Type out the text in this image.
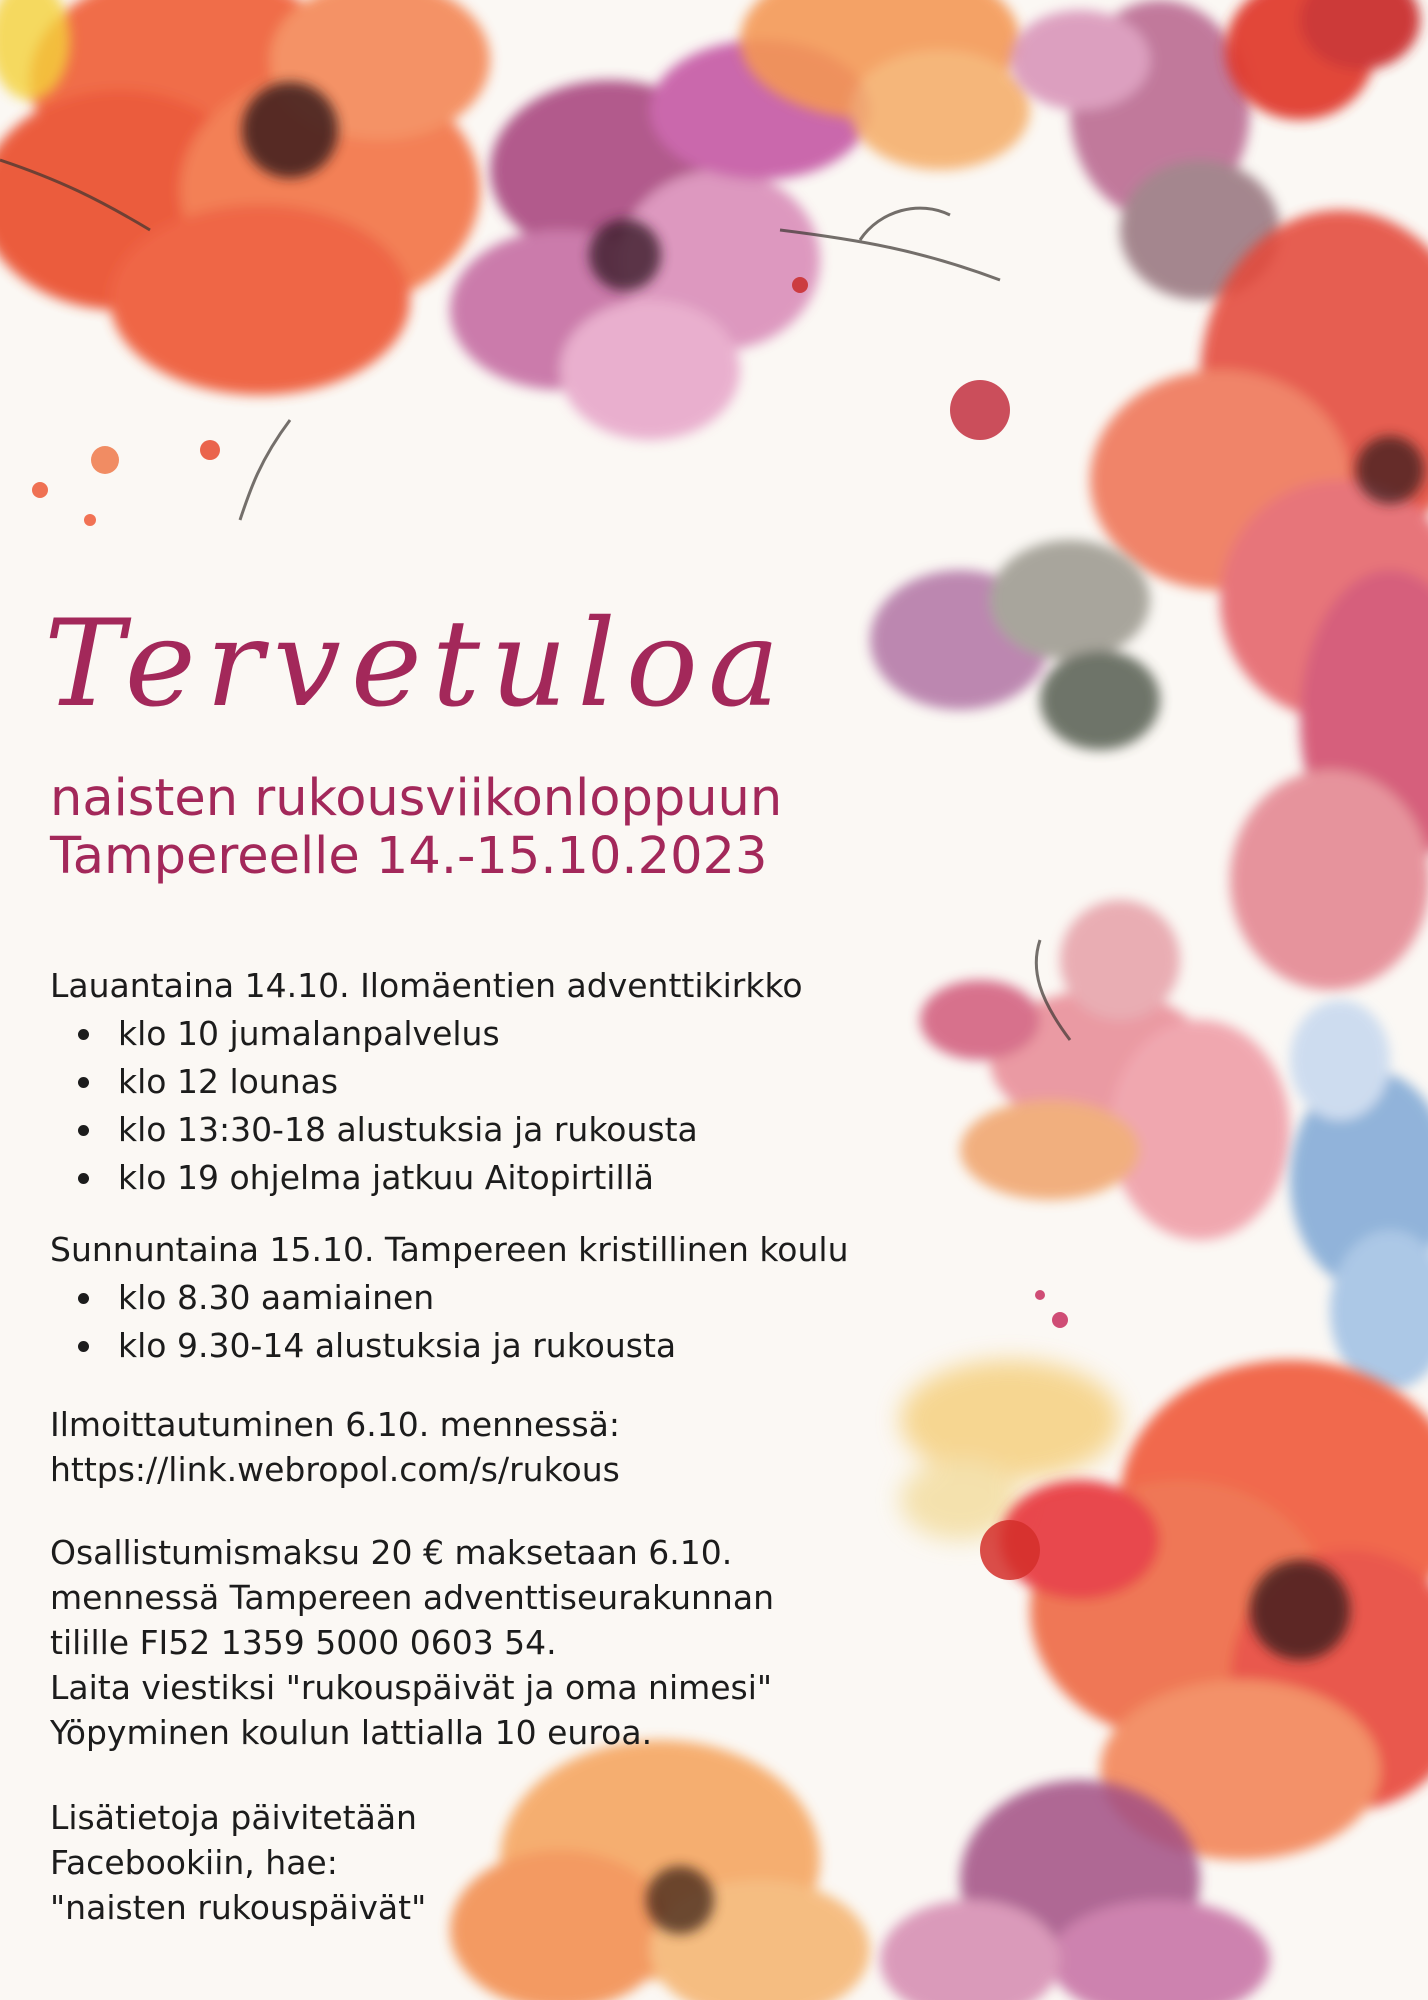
Tervetuloa
naisten rukousviikonloppuun
Tampereelle 14.-15.10.2023
Lauantaina 14.10. Ilomäentien adventtikirkko
klo 10 jumalanpalvelus
klo 12 lounas
klo 13:30-18 alustuksia ja rukousta
klo 19 ohjelma jatkuu Aitopirtillä
Sunnuntaina 15.10. Tampereen kristillinen koulu
klo 8.30 aamiainen
klo 9.30-14 alustuksia ja rukousta
Ilmoittautuminen 6.10. mennessä:
https://link.webropol.com/s/rukous
Osallistumismaksu 20 € maksetaan 6.10.
mennessä Tampereen adventtiseurakunnan
tilille FI52 1359 5000 0603 54.
Laita viestiksi "rukouspäivät ja oma nimesi"
Yöpyminen koulun lattialla 10 euroa.
Lisätietoja päivitetään
Facebookiin, hae:
"naisten rukouspäivät"
